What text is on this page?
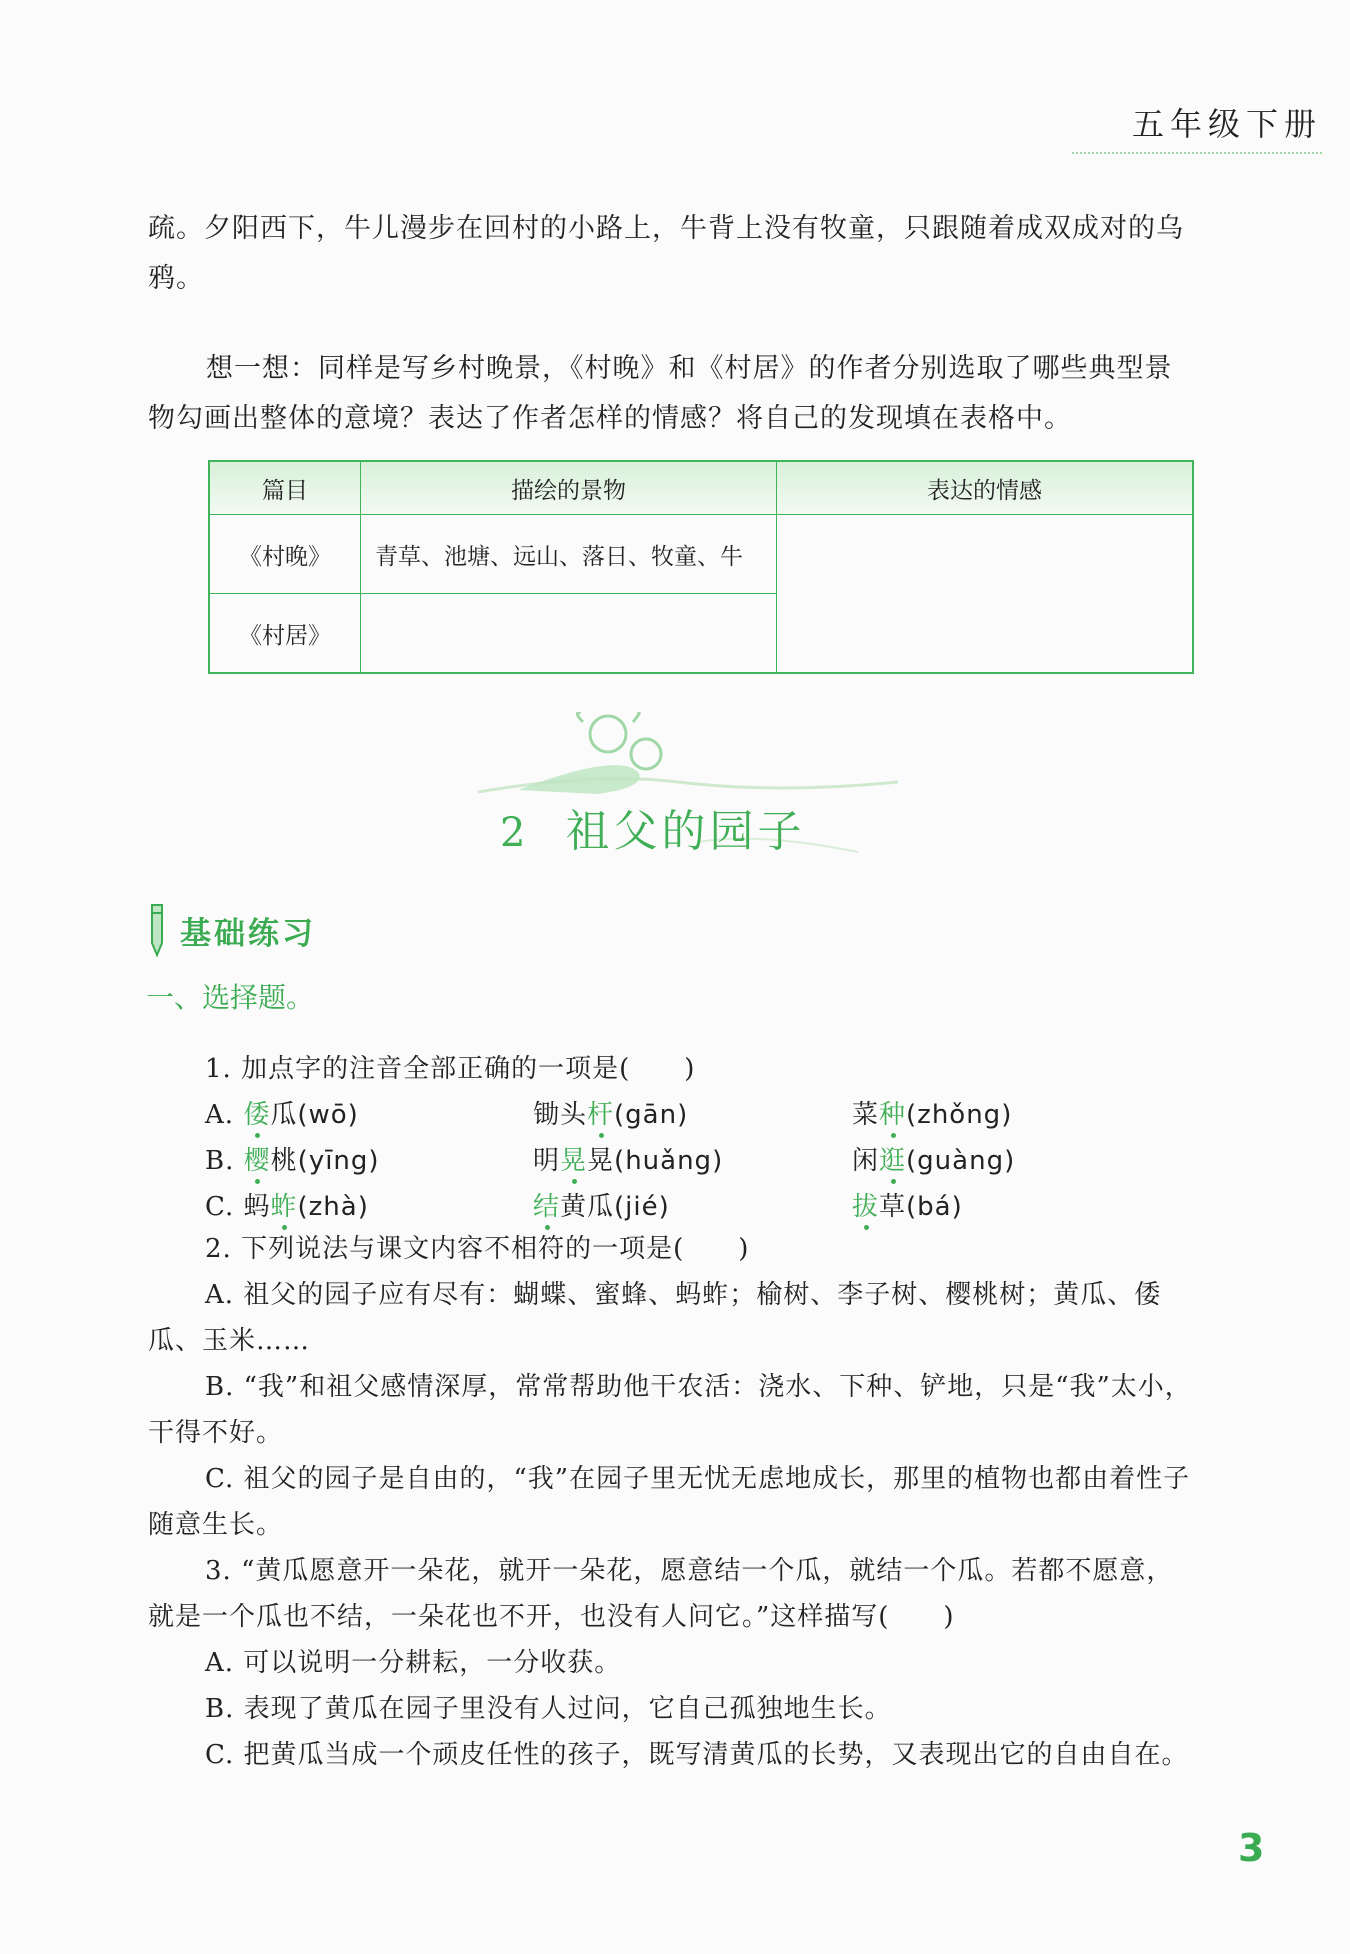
五年级下册
疏。夕阳西下，牛儿漫步在回村的小路上，牛背上没有牧童，只跟随着成双成对的乌鸦。
想一想：同样是写乡村晚景，《村晚》和《村居》的作者分别选取了哪些典型景物勾画出整体的意境？表达了作者怎样的情感？将自己的发现填在表格中。
篇目	描绘的景物	表达的情感
《村晚》	青草、池塘、远山、落日、牧童、牛	
《村居》		
2 祖父的园子
基础练习
一、选择题。
1. 加点字的注音全部正确的一项是(　　)
A. 倭瓜(wō)	锄头杆(gān)	菜种(zhǒng)
B. 樱桃(yīng)	明晃晃(huǎng)	闲逛(guàng)
C. 蚂蚱(zhà)	结黄瓜(jié)	拔草(bá)
2. 下列说法与课文内容不相符的一项是(　　)
A. 祖父的园子应有尽有：蝴蝶、蜜蜂、蚂蚱；榆树、李子树、樱桃树；黄瓜、倭瓜、玉米……
B. “我”和祖父感情深厚，常常帮助他干农活：浇水、下种、铲地，只是“我”太小，干得不好。
C. 祖父的园子是自由的，“我”在园子里无忧无虑地成长，那里的植物也都由着性子随意生长。
3. “黄瓜愿意开一朵花，就开一朵花，愿意结一个瓜，就结一个瓜。若都不愿意，就是一个瓜也不结，一朵花也不开，也没有人问它。”这样描写(　　)
A. 可以说明一分耕耘，一分收获。
B. 表现了黄瓜在园子里没有人过问，它自己孤独地生长。
C. 把黄瓜当成一个顽皮任性的孩子，既写清黄瓜的长势，又表现出它的自由自在。
3
